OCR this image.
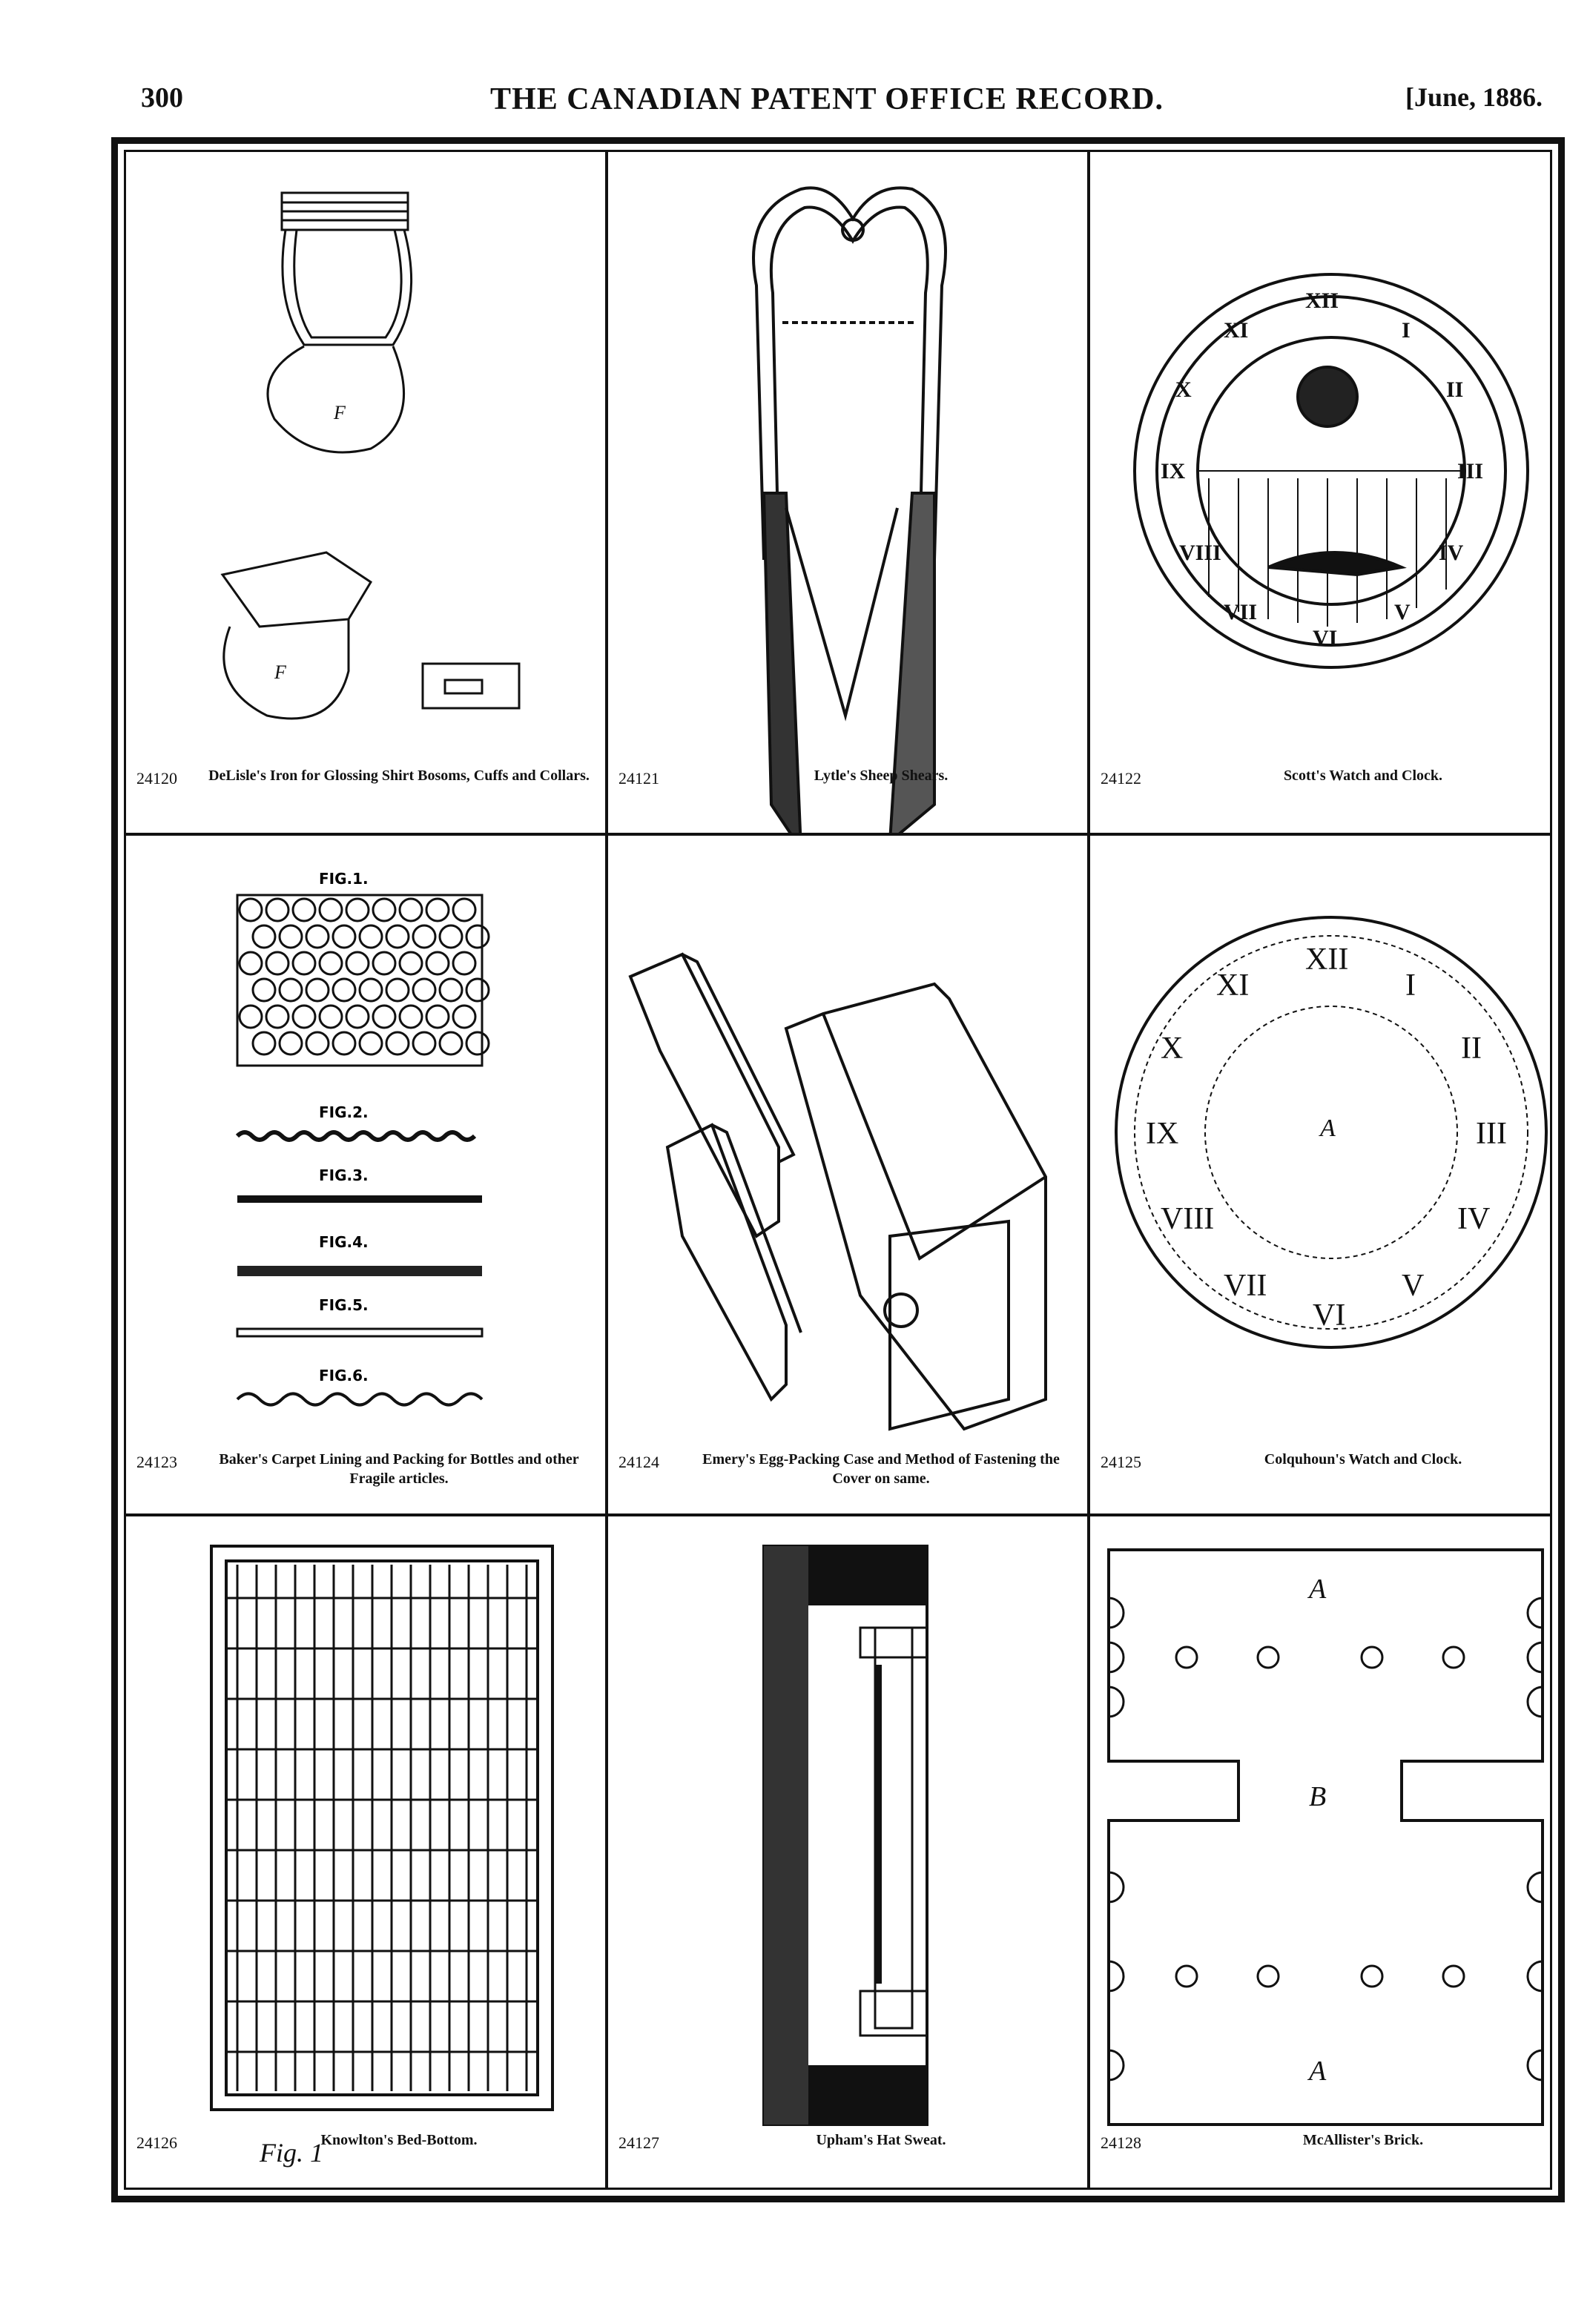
300	THE CANADIAN PATENT OFFICE RECORD.	[June, 1886.
F
F
24120	DeLisle's Iron for Glossing Shirt Bosoms, Cuffs and Collars.	24121	Lytle's Sheep Shears.
XII
I
II
III
IV
V
VI
VII
VIII
IX
X
XI
24122	Scott's Watch and Clock.
FIG.1.
FIG.2.
FIG.3.
FIG.4.
FIG.5.
FIG.6.
24123	Baker's Carpet Lining and Packing for Bottles and other Fragile articles.
24124	Emery's Egg-Packing Case and Method of Fastening the Cover on same.
XII
I
II
III
IV
V
VI
VII
VIII
IX
X
XI
A
24125	Colquhoun's Watch and Clock.
Fig. 1
24126	Knowlton's Bed-Bottom.	24127	Upham's Hat Sweat.
A
B
A
24128	McAllister's Brick.
